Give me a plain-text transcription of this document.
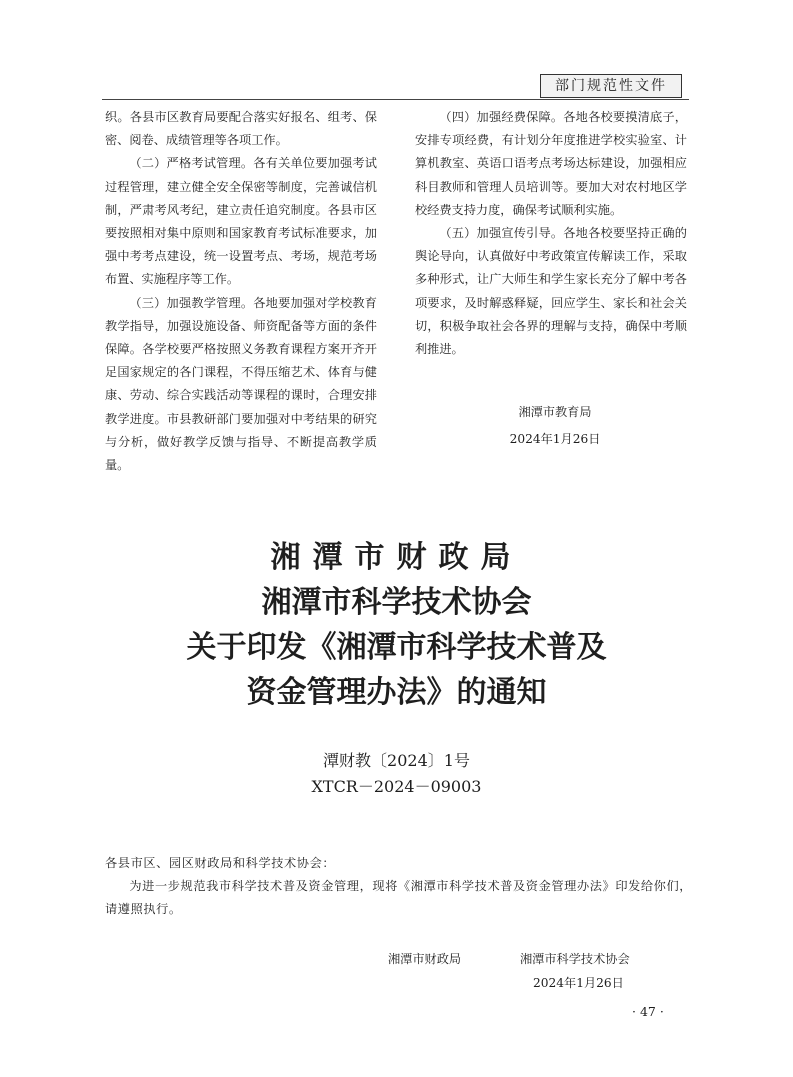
部门规范性文件

织。各县市区教育局要配合落实好报名、组考、保密、阅卷、成绩管理等各项工作。

（二）严格考试管理。各有关单位要加强考试过程管理，建立健全安全保密等制度，完善诚信机制，严肃考风考纪，建立责任追究制度。各县市区要按照相对集中原则和国家教育考试标准要求，加强中考考点建设，统一设置考点、考场，规范考场布置、实施程序等工作。

（三）加强教学管理。各地要加强对学校教育教学指导，加强设施设备、师资配备等方面的条件保障。各学校要严格按照义务教育课程方案开齐开足国家规定的各门课程，不得压缩艺术、体育与健康、劳动、综合实践活动等课程的课时，合理安排教学进度。市县教研部门要加强对中考结果的研究与分析，做好教学反馈与指导、不断提高教学质量。

（四）加强经费保障。各地各校要摸清底子，安排专项经费，有计划分年度推进学校实验室、计算机教室、英语口语考点考场达标建设，加强相应科目教师和管理人员培训等。要加大对农村地区学校经费支持力度，确保考试顺利实施。

（五）加强宣传引导。各地各校要坚持正确的舆论导向，认真做好中考政策宣传解读工作，采取多种形式，让广大师生和学生家长充分了解中考各项要求，及时解惑释疑，回应学生、家长和社会关切，积极争取社会各界的理解与支持，确保中考顺利推进。

湘潭市教育局
2024年1月26日
湘潭市财政局
湘潭市科学技术协会
关于印发《湘潭市科学技术普及
资金管理办法》的通知
潭财教〔2024〕1号
XTCR－2024－09003

各县市区、园区财政局和科学技术协会：

为进一步规范我市科学技术普及资金管理，现将《湘潭市科学技术普及资金管理办法》印发给你们，请遵照执行。

湘潭市财政局	湘潭市科学技术协会
2024年1月26日
· 47 ·
